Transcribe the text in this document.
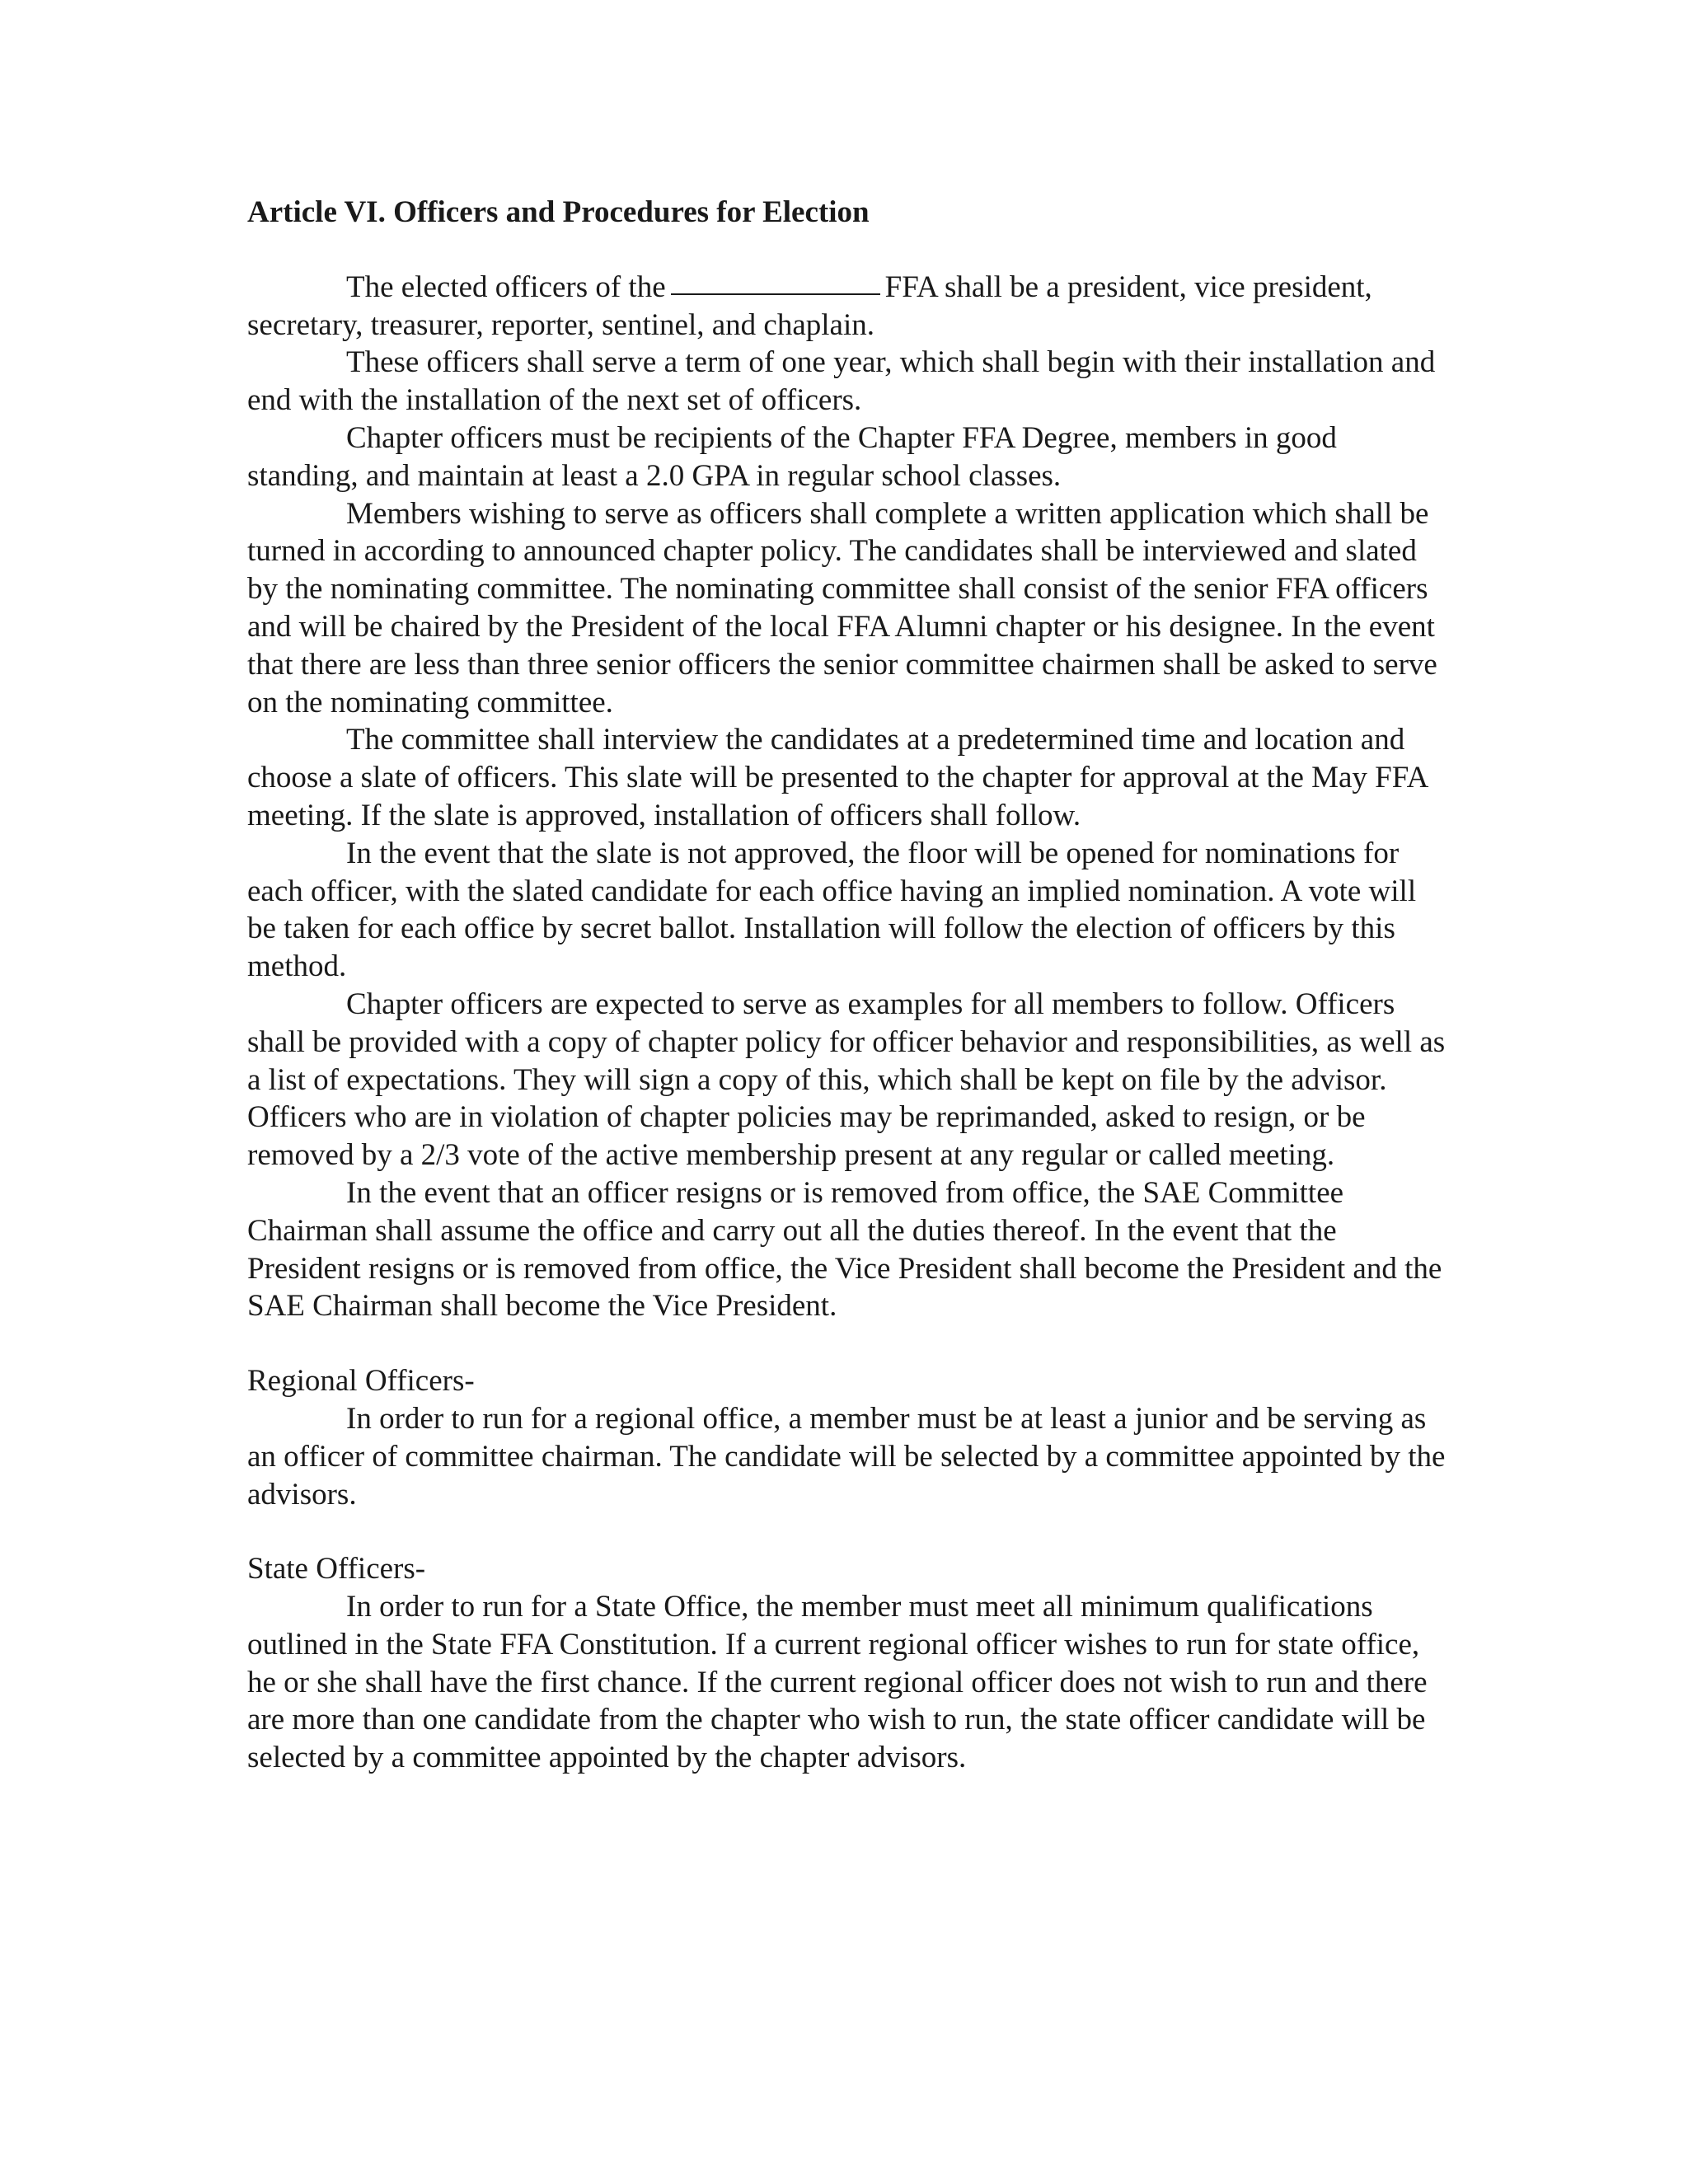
Article VI. Officers and Procedures for Election

The elected officers of the	FFA shall be a president, vice president, secretary, treasurer, reporter, sentinel, and chaplain.

These officers shall serve a term of one year, which shall begin with their installation and end with the installation of the next set of officers.

Chapter officers must be recipients of the Chapter FFA Degree, members in good standing, and maintain at least a 2.0 GPA in regular school classes.

Members wishing to serve as officers shall complete a written application which shall be turned in according to announced chapter policy. The candidates shall be interviewed and slated by the nominating committee. The nominating committee shall consist of the senior FFA officers and will be chaired by the President of the local FFA Alumni chapter or his designee. In the event that there are less than three senior officers the senior committee chairmen shall be asked to serve on the nominating committee.

The committee shall interview the candidates at a predetermined time and location and choose a slate of officers. This slate will be presented to the chapter for approval at the May FFA meeting. If the slate is approved, installation of officers shall follow.

In the event that the slate is not approved, the floor will be opened for nominations for each officer, with the slated candidate for each office having an implied nomination. A vote will be taken for each office by secret ballot. Installation will follow the election of officers by this method.

Chapter officers are expected to serve as examples for all members to follow. Officers shall be provided with a copy of chapter policy for officer behavior and responsibilities, as well as a list of expectations. They will sign a copy of this, which shall be kept on file by the advisor. Officers who are in violation of chapter policies may be reprimanded, asked to resign, or be removed by a 2/3 vote of the active membership present at any regular or called meeting.

In the event that an officer resigns or is removed from office, the SAE Committee Chairman shall assume the office and carry out all the duties thereof. In the event that the President resigns or is removed from office, the Vice President shall become the President and the SAE Chairman shall become the Vice President.

Regional Officers-

In order to run for a regional office, a member must be at least a junior and be serving as an officer of committee chairman. The candidate will be selected by a committee appointed by the advisors.

State Officers-

In order to run for a State Office, the member must meet all minimum qualifications outlined in the State FFA Constitution. If a current regional officer wishes to run for state office, he or she shall have the first chance. If the current regional officer does not wish to run and there are more than one candidate from the chapter who wish to run, the state officer candidate will be selected by a committee appointed by the chapter advisors.
